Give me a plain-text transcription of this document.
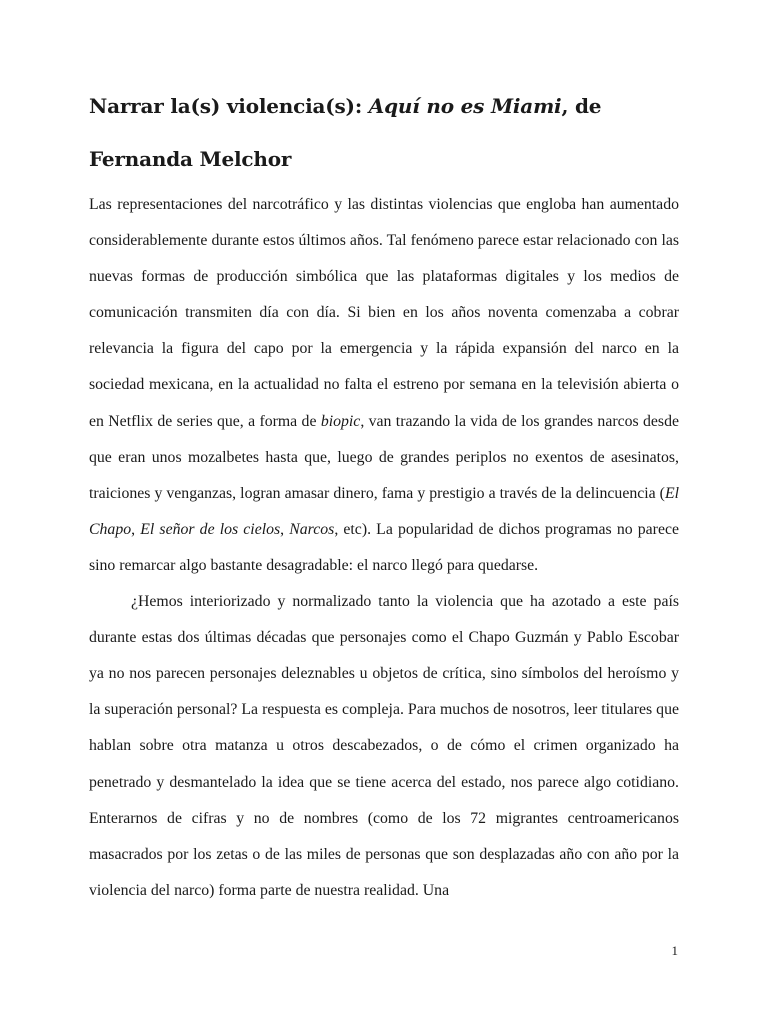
Narrar la(s) violencia(s): Aquí no es Miami, de Fernanda Melchor

Las representaciones del narcotráfico y las distintas violencias que engloba han aumentado considerablemente durante estos últimos años. Tal fenómeno parece estar relacionado con las nuevas formas de producción simbólica que las plataformas digitales y los medios de comunicación transmiten día con día. Si bien en los años noventa comenzaba a cobrar relevancia la figura del capo por la emergencia y la rápida expansión del narco en la sociedad mexicana, en la actualidad no falta el estreno por semana en la televisión abierta o en Netflix de series que, a forma de biopic, van trazando la vida de los grandes narcos desde que eran unos mozalbetes hasta que, luego de grandes periplos no exentos de asesinatos, traiciones y venganzas, logran amasar dinero, fama y prestigio a través de la delincuencia (El Chapo, El señor de los cielos, Narcos, etc). La popularidad de dichos programas no parece sino remarcar algo bastante desagradable: el narco llegó para quedarse.

¿Hemos interiorizado y normalizado tanto la violencia que ha azotado a este país durante estas dos últimas décadas que personajes como el Chapo Guzmán y Pablo Escobar ya no nos parecen personajes deleznables u objetos de crítica, sino símbolos del heroísmo y la superación personal? La respuesta es compleja. Para muchos de nosotros, leer titulares que hablan sobre otra matanza u otros descabezados, o de cómo el crimen organizado ha penetrado y desmantelado la idea que se tiene acerca del estado, nos parece algo cotidiano. Enterarnos de cifras y no de nombres (como de los 72 migrantes centroamericanos masacrados por los zetas o de las miles de personas que son desplazadas año con año por la violencia del narco) forma parte de nuestra realidad. Una

1
